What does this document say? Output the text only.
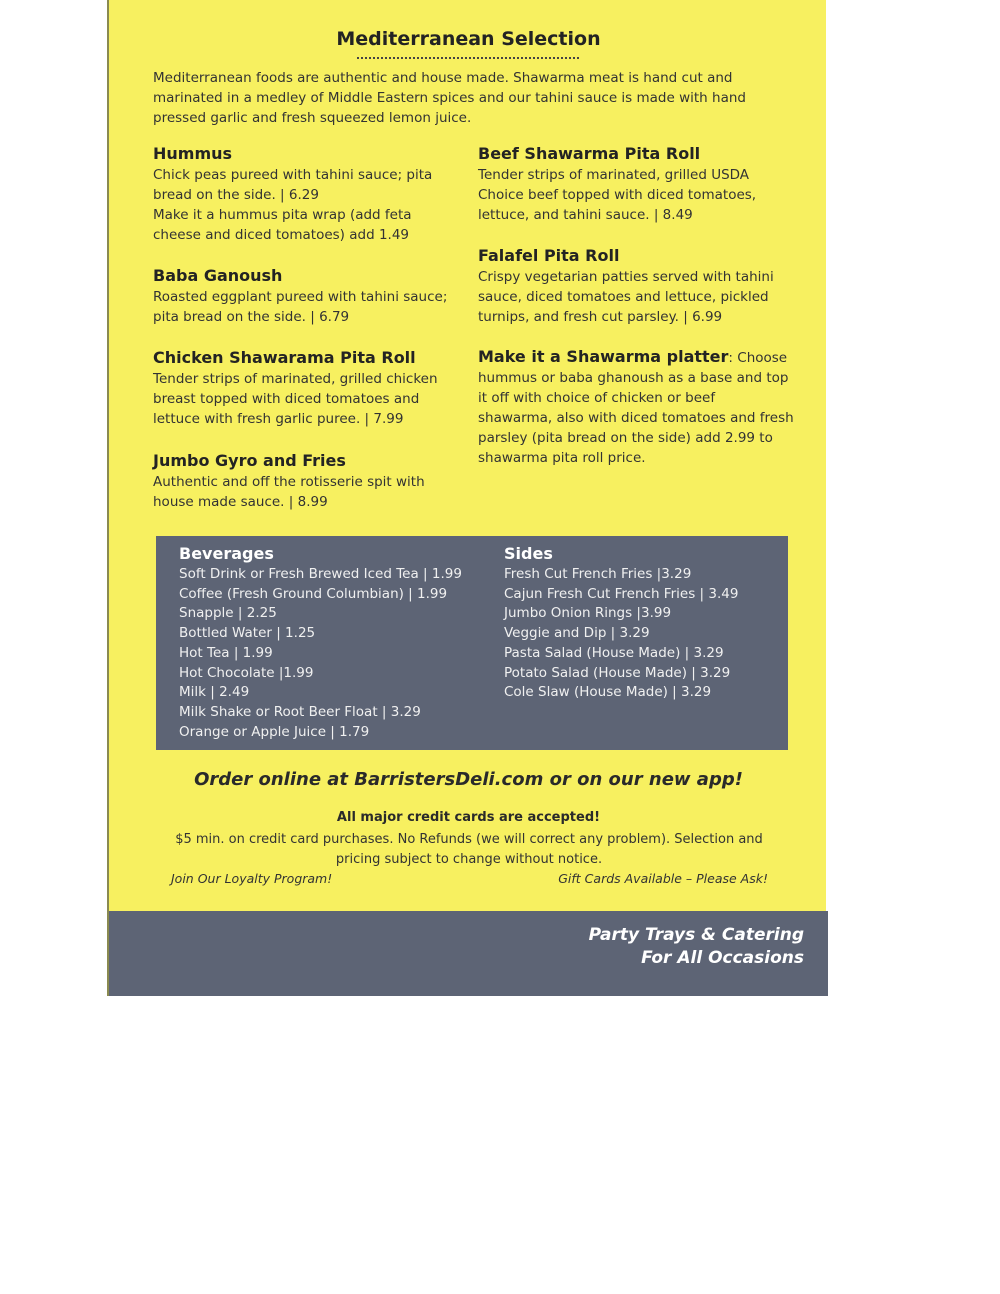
Mediterranean Selection
Mediterranean foods are authentic and house made. Shawarma meat is hand cut and marinated in a medley of Middle Eastern spices and our tahini sauce is made with hand pressed garlic and fresh squeezed lemon juice.
Hummus

Chick peas pureed with tahini sauce; pita

bread on the side. | 6.29

Make it a hummus pita wrap (add feta

cheese and diced tomatoes) add 1.49

Baba Ganoush

Roasted eggplant pureed with tahini sauce;

pita bread on the side. | 6.79

Chicken Shawarama Pita Roll

Tender strips of marinated, grilled chicken

breast topped with diced tomatoes and

lettuce with fresh garlic puree. | 7.99

Jumbo Gyro and Fries

Authentic and off the rotisserie spit with

house made sauce. | 8.99

Beef Shawarma Pita Roll

Tender strips of marinated, grilled USDA

Choice beef topped with diced tomatoes,

lettuce, and tahini sauce. | 8.49

Falafel Pita Roll

Crispy vegetarian patties served with tahini

sauce, diced tomatoes and lettuce, pickled

turnips, and fresh cut parsley. | 6.99

Make it a Shawarma platter: Choose

hummus or baba ghanoush as a base and top

it off with choice of chicken or beef

shawarma, also with diced tomatoes and fresh

parsley (pita bread on the side) add 2.99 to

shawarma pita roll price.

Beverages
Soft Drink or Fresh Brewed Iced Tea | 1.99
Coffee (Fresh Ground Columbian) | 1.99
Snapple | 2.25
Bottled Water | 1.25
Hot Tea | 1.99
Hot Chocolate |1.99
Milk | 2.49
Milk Shake or Root Beer Float | 3.29
Orange or Apple Juice | 1.79
Sides
Fresh Cut French Fries |3.29
Cajun Fresh Cut French Fries | 3.49
Jumbo Onion Rings |3.99
Veggie and Dip | 3.29
Pasta Salad (House Made) | 3.29
Potato Salad (House Made) | 3.29
Cole Slaw (House Made) | 3.29
Order online at BarristersDeli.com or on our new app!
All major credit cards are accepted!
$5 min. on credit card purchases. No Refunds (we will correct any problem). Selection and pricing subject to change without notice.
Join Our Loyalty Program!	Gift Cards Available – Please Ask!
Party Trays & Catering
For All Occasions
